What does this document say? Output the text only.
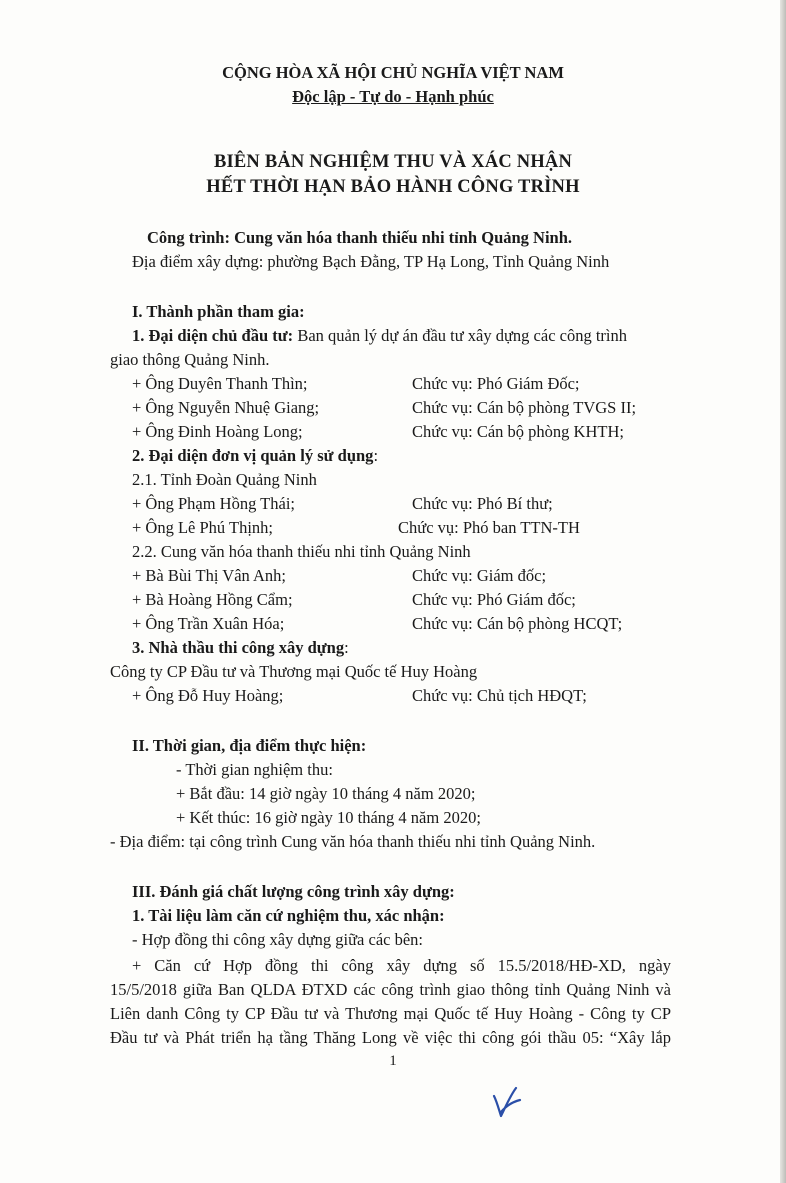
CỘNG HÒA XÃ HỘI CHỦ NGHĨA VIỆT NAM
Độc lập - Tự do - Hạnh phúc
BIÊN BẢN NGHIỆM THU VÀ XÁC NHẬN
HẾT THỜI HẠN BẢO HÀNH CÔNG TRÌNH
Công trình: Cung văn hóa thanh thiếu nhi tỉnh Quảng Ninh.
Địa điểm xây dựng: phường Bạch Đằng, TP Hạ Long, Tỉnh Quảng Ninh
I. Thành phần tham gia:
1. Đại diện chủ đầu tư: Ban quản lý dự án đầu tư xây dựng các công trình
giao thông Quảng Ninh.
+ Ông Duyên Thanh Thìn;	Chức vụ: Phó Giám Đốc;
+ Ông Nguyễn Nhuệ Giang;	Chức vụ: Cán bộ phòng TVGS II;
+ Ông Đinh Hoàng Long;	Chức vụ: Cán bộ phòng KHTH;
2. Đại diện đơn vị quản lý sử dụng:
2.1. Tỉnh Đoàn Quảng Ninh
+ Ông Phạm Hồng Thái;	Chức vụ: Phó Bí thư;
+ Ông Lê Phú Thịnh;	Chức vụ: Phó ban TTN-TH
2.2. Cung văn hóa thanh thiếu nhi tỉnh Quảng Ninh
+ Bà Bùi Thị Vân Anh;	Chức vụ: Giám đốc;
+ Bà Hoàng Hồng Cẩm;	Chức vụ: Phó Giám đốc;
+ Ông Trần Xuân Hóa;	Chức vụ: Cán bộ phòng HCQT;
3. Nhà thầu thi công xây dựng:
Công ty CP Đầu tư và Thương mại Quốc tế Huy Hoàng
+ Ông Đỗ Huy Hoàng;	Chức vụ: Chủ tịch HĐQT;
II. Thời gian, địa điểm thực hiện:
- Thời gian nghiệm thu:
+ Bắt đầu: 14 giờ ngày 10 tháng 4 năm 2020;
+ Kết thúc: 16 giờ ngày 10 tháng 4 năm 2020;
- Địa điểm: tại công trình Cung văn hóa thanh thiếu nhi tỉnh Quảng Ninh.
III. Đánh giá chất lượng công trình xây dựng:
1. Tài liệu làm căn cứ nghiệm thu, xác nhận:
- Hợp đồng thi công xây dựng giữa các bên:
+ Căn cứ Hợp đồng thi công xây dựng số 15.5/2018/HĐ-XD, ngày
15/5/2018 giữa Ban QLDA ĐTXD các công trình giao thông tỉnh Quảng Ninh và
Liên danh Công ty CP Đầu tư và Thương mại Quốc tế Huy Hoàng - Công ty CP
Đầu tư và Phát triển hạ tầng Thăng Long về việc thi công gói thầu 05: “Xây lắp
1
